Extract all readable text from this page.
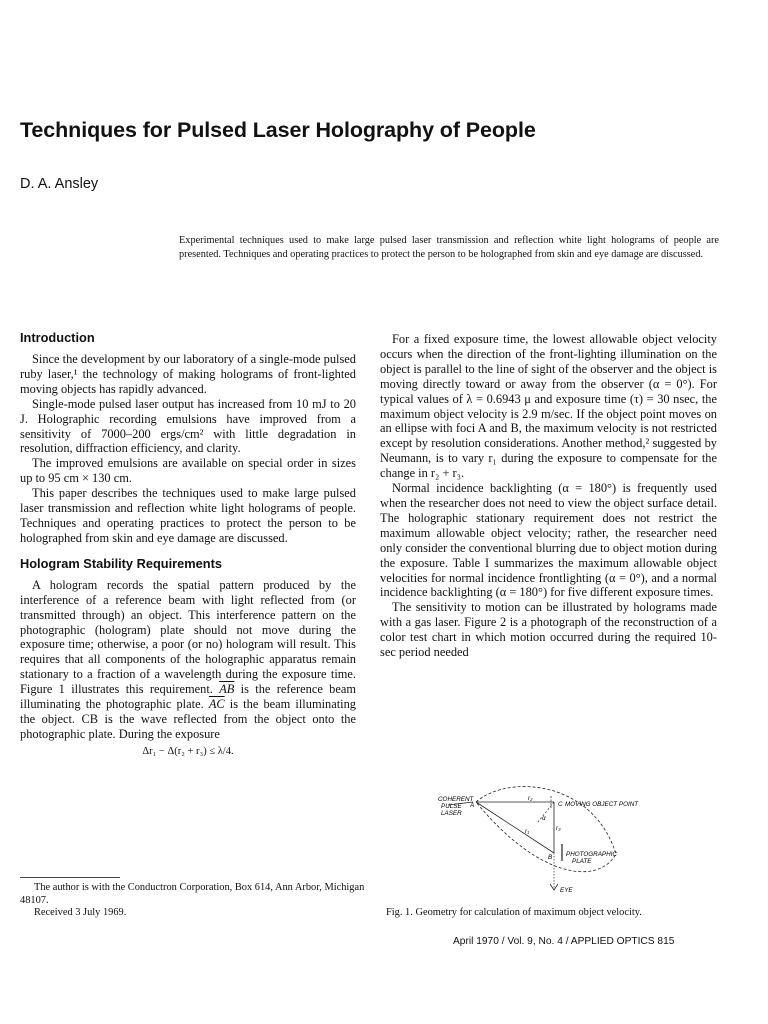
Techniques for Pulsed Laser Holography of People
D. A. Ansley
Experimental techniques used to make large pulsed laser transmission and reflection white light holograms of people are presented. Techniques and operating practices to protect the person to be holographed from skin and eye damage are discussed.
Introduction

Since the development by our laboratory of a single-mode pulsed ruby laser,¹ the technology of making holograms of front-lighted moving objects has rapidly advanced.

Single-mode pulsed laser output has increased from 10 mJ to 20 J. Holographic recording emulsions have improved from a sensitivity of 7000–200 ergs/cm² with little degradation in resolution, diffraction efficiency, and clarity.

The improved emulsions are available on special order in sizes up to 95 cm × 130 cm.

This paper describes the techniques used to make large pulsed laser transmission and reflection white light holograms of people. Techniques and operating practices to protect the person to be holographed from skin and eye damage are discussed.

Hologram Stability Requirements

A hologram records the spatial pattern produced by the interference of a reference beam with light reflected from (or transmitted through) an object. This interference pattern on the photographic (hologram) plate should not move during the exposure time; otherwise, a poor (or no) hologram will result. This requires that all components of the holographic apparatus remain stationary to a fraction of a wavelength during the exposure time. Figure 1 illustrates this requirement. $\overline{AB}$ is the reference beam illuminating the photographic plate. $\overline{AC}$ is the beam illuminating the object. CB is the wave reflected from the object onto the photographic plate. During the exposure

Δr₁ − Δ(r₂ + r₃) ≤ λ/4.

For a fixed exposure time, the lowest allowable object velocity occurs when the direction of the front-lighting illumination on the object is parallel to the line of sight of the observer and the object is moving directly toward or away from the observer (α = 0°). For typical values of λ = 0.6943 μ and exposure time (τ) = 30 nsec, the maximum object velocity is 2.9 m/sec. If the object point moves on an ellipse with foci A and B, the maximum velocity is not restricted except by resolution considerations. Another method,² suggested by Neumann, is to vary r₁ during the exposure to compensate for the change in r₂ + r₃.

Normal incidence backlighting (α = 180°) is frequently used when the researcher does not need to view the object surface detail. The holographic stationary requirement does not restrict the maximum allowable object velocity; rather, the researcher need only consider the conventional blurring due to object motion during the exposure. Table I summarizes the maximum allowable object velocities for normal incidence frontlighting (α = 0°), and a normal incidence backlighting (α = 180°) for five different exposure times.

The sensitivity to motion can be illustrated by holograms made with a gas laser. Figure 2 is a photograph of the reconstruction of a color test chart in which motion occurred during the required 10-sec period needed

The author is with the Conductron Corporation, Box 614, Ann Arbor, Michigan 48107.

Received 3 July 1969.

COHERENT
PULSE
LASER
A
B
C MOVING OBJECT POINT
PHOTOGRAPHIC
PLATE
EYE
r₂
r₁	r₃
α
Fig. 1. Geometry for calculation of maximum object velocity.
April 1970 / Vol. 9, No. 4 / APPLIED OPTICS 815
